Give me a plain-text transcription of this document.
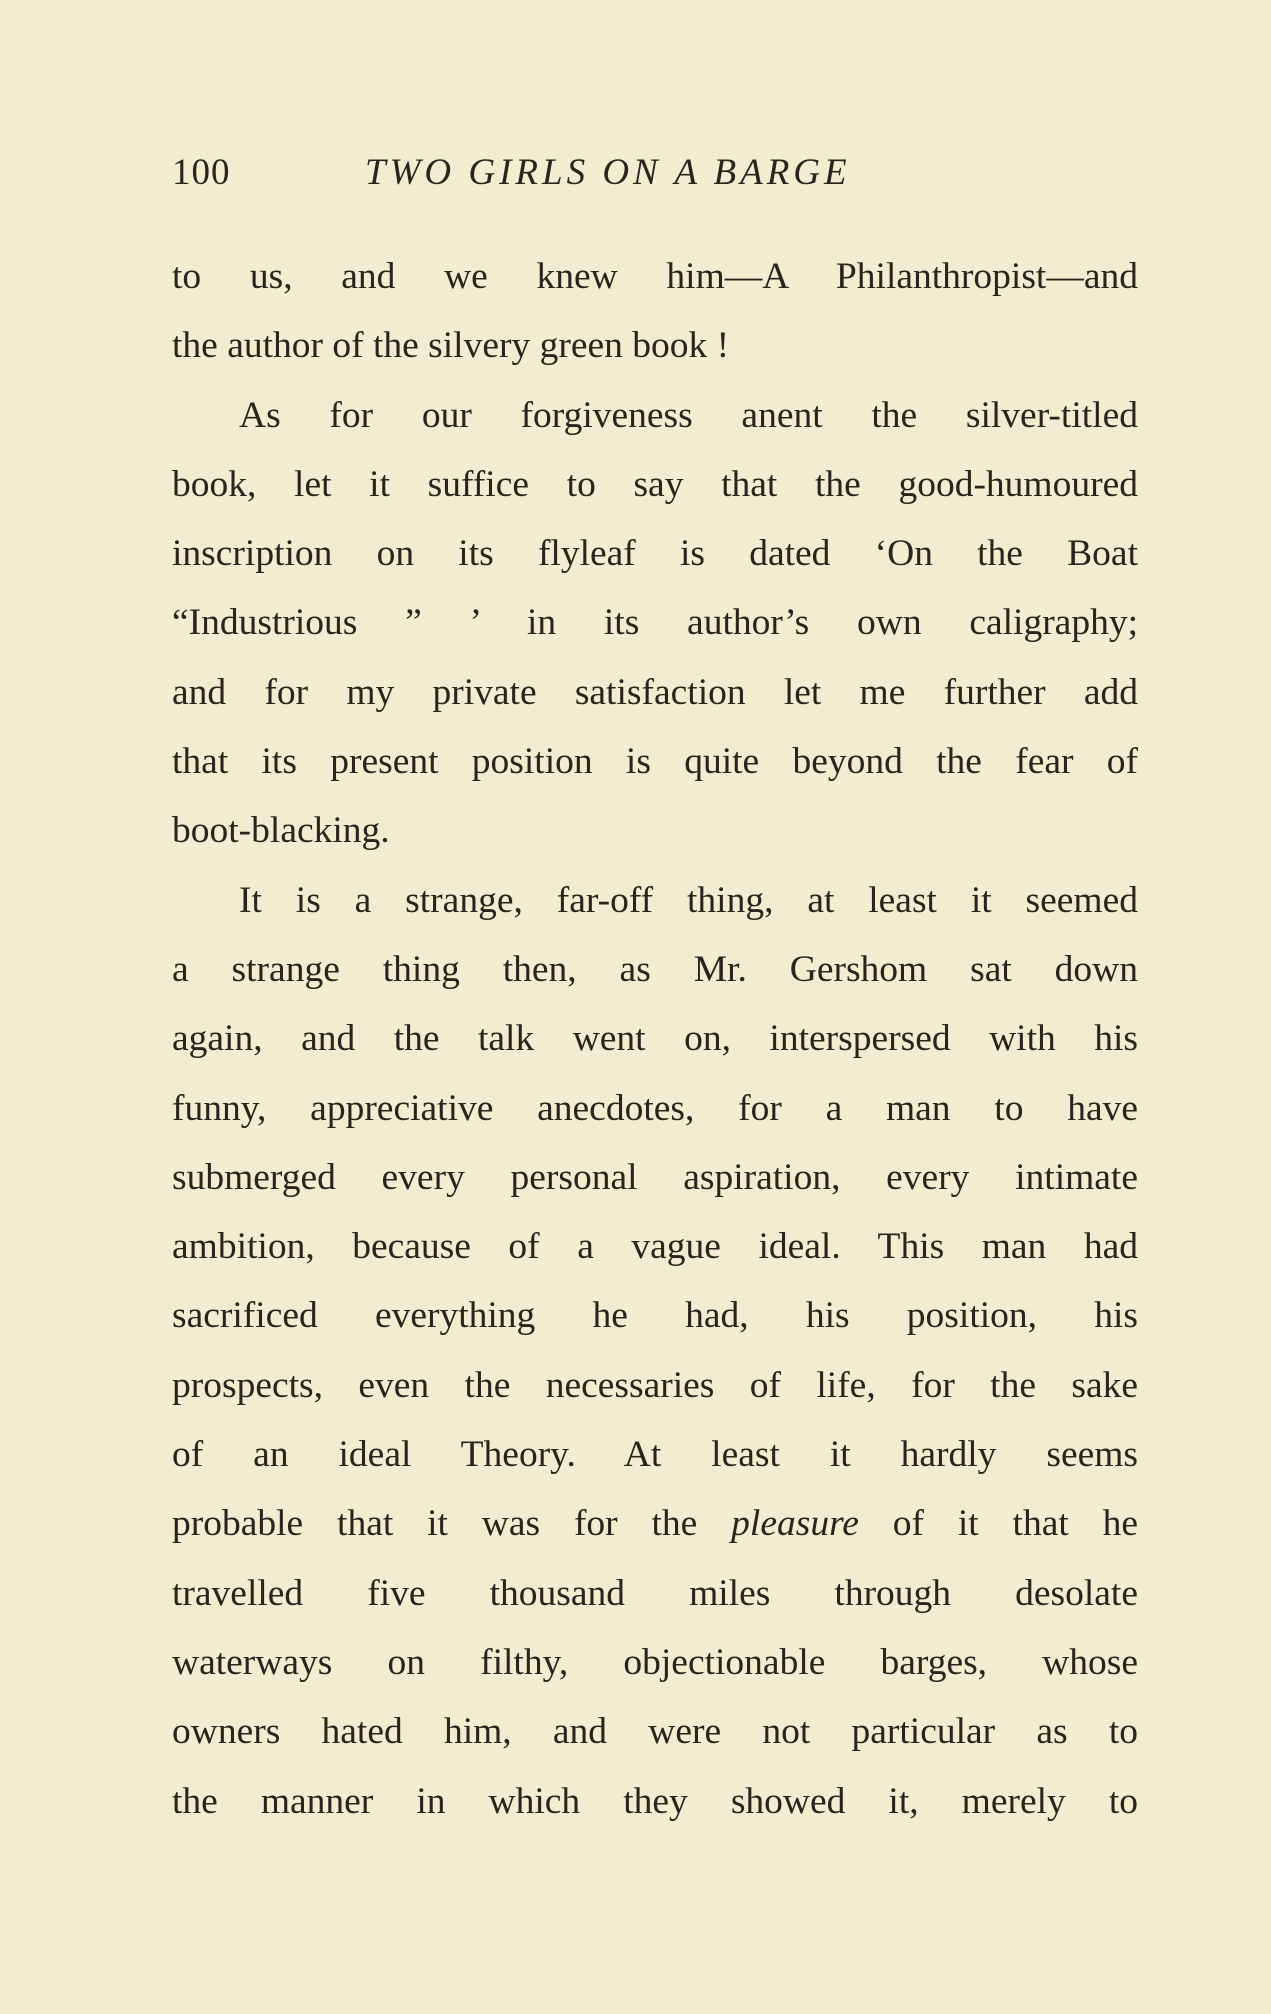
100	TWO GIRLS ON A BARGE
to us, and we knew him—A Philanthropist—and
the author of the silvery green book !
As for our forgiveness anent the silver-titled
book, let it suffice to say that the good-humoured
inscription on its flyleaf is dated ‘On the Boat
“Industrious ” ’ in its author’s own caligraphy;
and for my private satisfaction let me further add
that its present position is quite beyond the fear of
boot-blacking.
It is a strange, far-off thing, at least it seemed
a strange thing then, as Mr. Gershom sat down
again, and the talk went on, interspersed with his
funny, appreciative anecdotes, for a man to have
submerged every personal aspiration, every intimate
ambition, because of a vague ideal. This man had
sacrificed everything he had, his position, his
prospects, even the necessaries of life, for the sake
of an ideal Theory. At least it hardly seems
probable that it was for the pleasure of it that he
travelled five thousand miles through desolate
waterways on filthy, objectionable barges, whose
owners hated him, and were not particular as to
the manner in which they showed it, merely to
